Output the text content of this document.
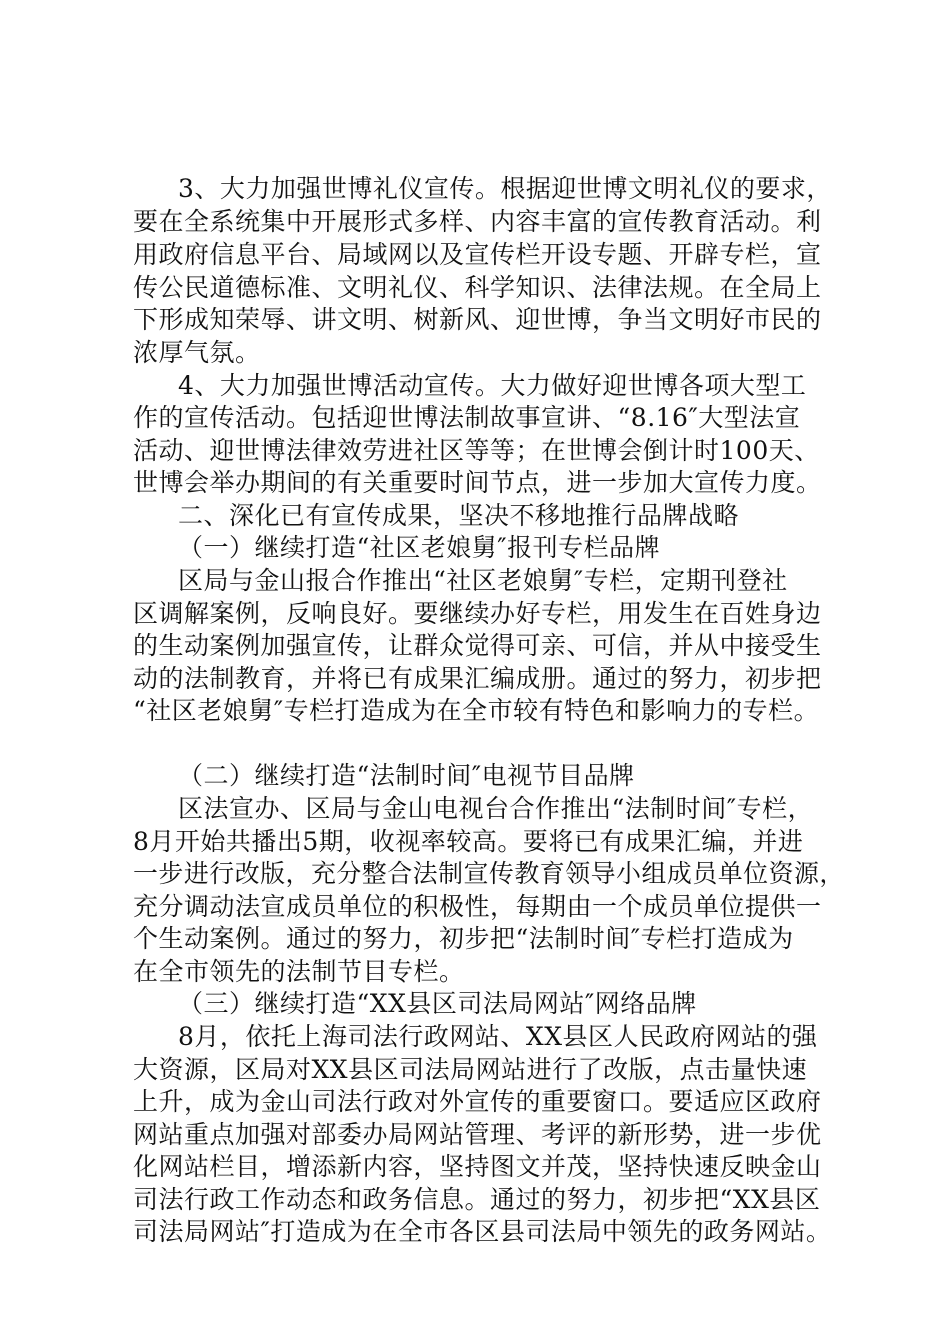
3、大力加强世博礼仪宣传。根据迎世博文明礼仪的要求，
要在全系统集中开展形式多样、内容丰富的宣传教育活动。利
用政府信息平台、局域网以及宣传栏开设专题、开辟专栏，宣
传公民道德标准、文明礼仪、科学知识、法律法规。在全局上
下形成知荣辱、讲文明、树新风、迎世博，争当文明好市民的
浓厚气氛。
4、大力加强世博活动宣传。大力做好迎世博各项大型工
作的宣传活动。包括迎世博法制故事宣讲、“8.16″大型法宣
活动、迎世博法律效劳进社区等等；在世博会倒计时100天、
世博会举办期间的有关重要时间节点，进一步加大宣传力度。
二、深化已有宣传成果，坚决不移地推行品牌战略
（一）继续打造“社区老娘舅″报刊专栏品牌
区局与金山报合作推出“社区老娘舅″专栏，定期刊登社
区调解案例，反响良好。要继续办好专栏，用发生在百姓身边
的生动案例加强宣传，让群众觉得可亲、可信，并从中接受生
动的法制教育，并将已有成果汇编成册。通过的努力，初步把
“社区老娘舅″专栏打造成为在全市较有特色和影响力的专栏。
（二）继续打造“法制时间″电视节目品牌
区法宣办、区局与金山电视台合作推出“法制时间″专栏，
8月开始共播出5期，收视率较高。要将已有成果汇编，并进
一步进行改版，充分整合法制宣传教育领导小组成员单位资源，
充分调动法宣成员单位的积极性，每期由一个成员单位提供一
个生动案例。通过的努力，初步把“法制时间″专栏打造成为
在全市领先的法制节目专栏。
（三）继续打造“XX县区司法局网站″网络品牌
8月，依托上海司法行政网站、XX县区人民政府网站的强
大资源，区局对XX县区司法局网站进行了改版，点击量快速
上升，成为金山司法行政对外宣传的重要窗口。要适应区政府
网站重点加强对部委办局网站管理、考评的新形势，进一步优
化网站栏目，增添新内容，坚持图文并茂，坚持快速反映金山
司法行政工作动态和政务信息。通过的努力，初步把“XX县区
司法局网站″打造成为在全市各区县司法局中领先的政务网站。
